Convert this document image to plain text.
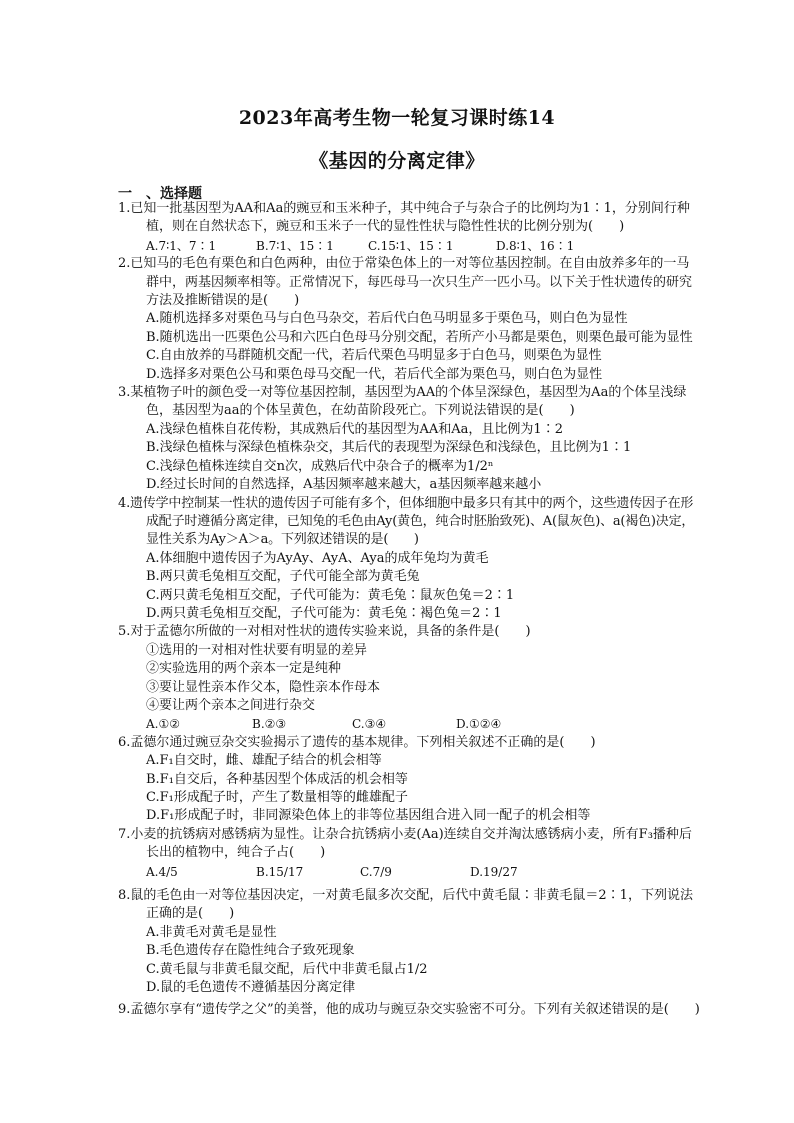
2023年高考生物一轮复习课时练14
《基因的分离定律》
一　、选择题
1.已知一批基因型为AA和Aa的豌豆和玉米种子，其中纯合子与杂合子的比例均为1∶1，分别间行种植，则在自然状态下，豌豆和玉米子一代的显性性状与隐性性状的比例分别为(　　)
A.7∶1、7∶1	B.7∶1、15∶1	C.15∶1、15∶1	D.8∶1、16∶1
2.已知马的毛色有栗色和白色两种，由位于常染色体上的一对等位基因控制。在自由放养多年的一马群中，两基因频率相等。正常情况下，每匹母马一次只生产一匹小马。以下关于性状遗传的研究方法及推断错误的是(　　)
A.随机选择多对栗色马与白色马杂交，若后代白色马明显多于栗色马，则白色为显性
B.随机选出一匹栗色公马和六匹白色母马分别交配，若所产小马都是栗色，则栗色最可能为显性
C.自由放养的马群随机交配一代，若后代栗色马明显多于白色马，则栗色为显性
D.选择多对栗色公马和栗色母马交配一代，若后代全部为栗色马，则白色为显性
3.某植物子叶的颜色受一对等位基因控制，基因型为AA的个体呈深绿色，基因型为Aa的个体呈浅绿色，基因型为aa的个体呈黄色，在幼苗阶段死亡。下列说法错误的是(　　)
A.浅绿色植株自花传粉，其成熟后代的基因型为AA和Aa，且比例为1∶2
B.浅绿色植株与深绿色植株杂交，其后代的表现型为深绿色和浅绿色，且比例为1∶1
C.浅绿色植株连续自交n次，成熟后代中杂合子的概率为1/2ⁿ
D.经过长时间的自然选择，A基因频率越来越大，a基因频率越来越小
4.遗传学中控制某一性状的遗传因子可能有多个，但体细胞中最多只有其中的两个，这些遗传因子在形成配子时遵循分离定律，已知兔的毛色由Ay(黄色，纯合时胚胎致死)、A(鼠灰色)、a(褐色)决定，显性关系为Ay＞A＞a。下列叙述错误的是(　　)
A.体细胞中遗传因子为AyAy、AyA、Aya的成年兔均为黄毛
B.两只黄毛兔相互交配，子代可能全部为黄毛兔
C.两只黄毛兔相互交配，子代可能为：黄毛兔∶鼠灰色兔＝2∶1
D.两只黄毛兔相互交配，子代可能为：黄毛兔∶褐色兔＝2∶1
5.对于孟德尔所做的一对相对性状的遗传实验来说，具备的条件是(　　)
①选用的一对相对性状要有明显的差异
②实验选用的两个亲本一定是纯种
③要让显性亲本作父本，隐性亲本作母本
④要让两个亲本之间进行杂交
A.①②	B.②③	C.③④	D.①②④
6.孟德尔通过豌豆杂交实验揭示了遗传的基本规律。下列相关叙述不正确的是(　　)
A.F₁自交时，雌、雄配子结合的机会相等
B.F₁自交后，各种基因型个体成活的机会相等
C.F₁形成配子时，产生了数量相等的雌雄配子
D.F₁形成配子时，非同源染色体上的非等位基因组合进入同一配子的机会相等
7.小麦的抗锈病对感锈病为显性。让杂合抗锈病小麦(Aa)连续自交并淘汰感锈病小麦，所有F₃播种后长出的植物中，纯合子占(　　)
A.4/5	B.15/17	C.7/9	D.19/27
8.鼠的毛色由一对等位基因决定，一对黄毛鼠多次交配，后代中黄毛鼠∶非黄毛鼠＝2∶1，下列说法正确的是(　　)
A.非黄毛对黄毛是显性
B.毛色遗传存在隐性纯合子致死现象
C.黄毛鼠与非黄毛鼠交配，后代中非黄毛鼠占1/2
D.鼠的毛色遗传不遵循基因分离定律
9.孟德尔享有“遗传学之父”的美誉，他的成功与豌豆杂交实验密不可分。下列有关叙述错误的是(　　)
